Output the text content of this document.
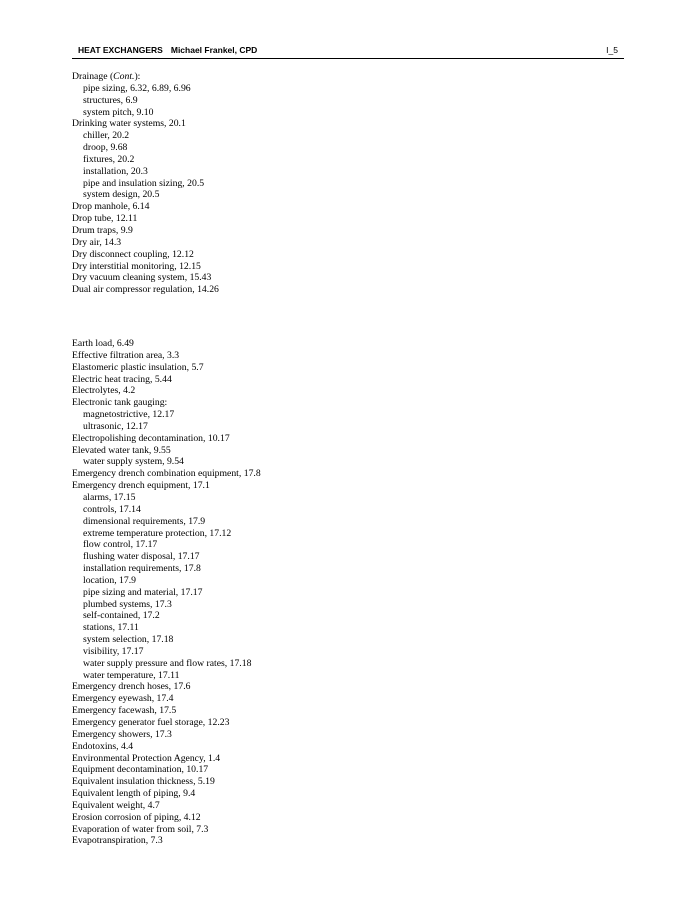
HEAT EXCHANGERS Michael Frankel, CPD	I_5
Drainage (Cont.):
pipe sizing, 6.32, 6.89, 6.96
structures, 6.9
system pitch, 9.10
Drinking water systems, 20.1
chiller, 20.2
droop, 9.68
fixtures, 20.2
installation, 20.3
pipe and insulation sizing, 20.5
system design, 20.5
Drop manhole, 6.14
Drop tube, 12.11
Drum traps, 9.9
Dry air, 14.3
Dry disconnect coupling, 12.12
Dry interstitial monitoring, 12.15
Dry vacuum cleaning system, 15.43
Dual air compressor regulation, 14.26
Earth load, 6.49
Effective filtration area, 3.3
Elastomeric plastic insulation, 5.7
Electric heat tracing, 5.44
Electrolytes, 4.2
Electronic tank gauging:
magnetostrictive, 12.17
ultrasonic, 12.17
Electropolishing decontamination, 10.17
Elevated water tank, 9.55
water supply system, 9.54
Emergency drench combination equipment, 17.8
Emergency drench equipment, 17.1
alarms, 17.15
controls, 17.14
dimensional requirements, 17.9
extreme temperature protection, 17.12
flow control, 17.17
flushing water disposal, 17.17
installation requirements, 17.8
location, 17.9
pipe sizing and material, 17.17
plumbed systems, 17.3
self-contained, 17.2
stations, 17.11
system selection, 17.18
visibility, 17.17
water supply pressure and flow rates, 17.18
water temperature, 17.11
Emergency drench hoses, 17.6
Emergency eyewash, 17.4
Emergency facewash, 17.5
Emergency generator fuel storage, 12.23
Emergency showers, 17.3
Endotoxins, 4.4
Environmental Protection Agency, 1.4
Equipment decontamination, 10.17
Equivalent insulation thickness, 5.19
Equivalent length of piping, 9.4
Equivalent weight, 4.7
Erosion corrosion of piping, 4.12
Evaporation of water from soil, 7.3
Evapotranspiration, 7.3
